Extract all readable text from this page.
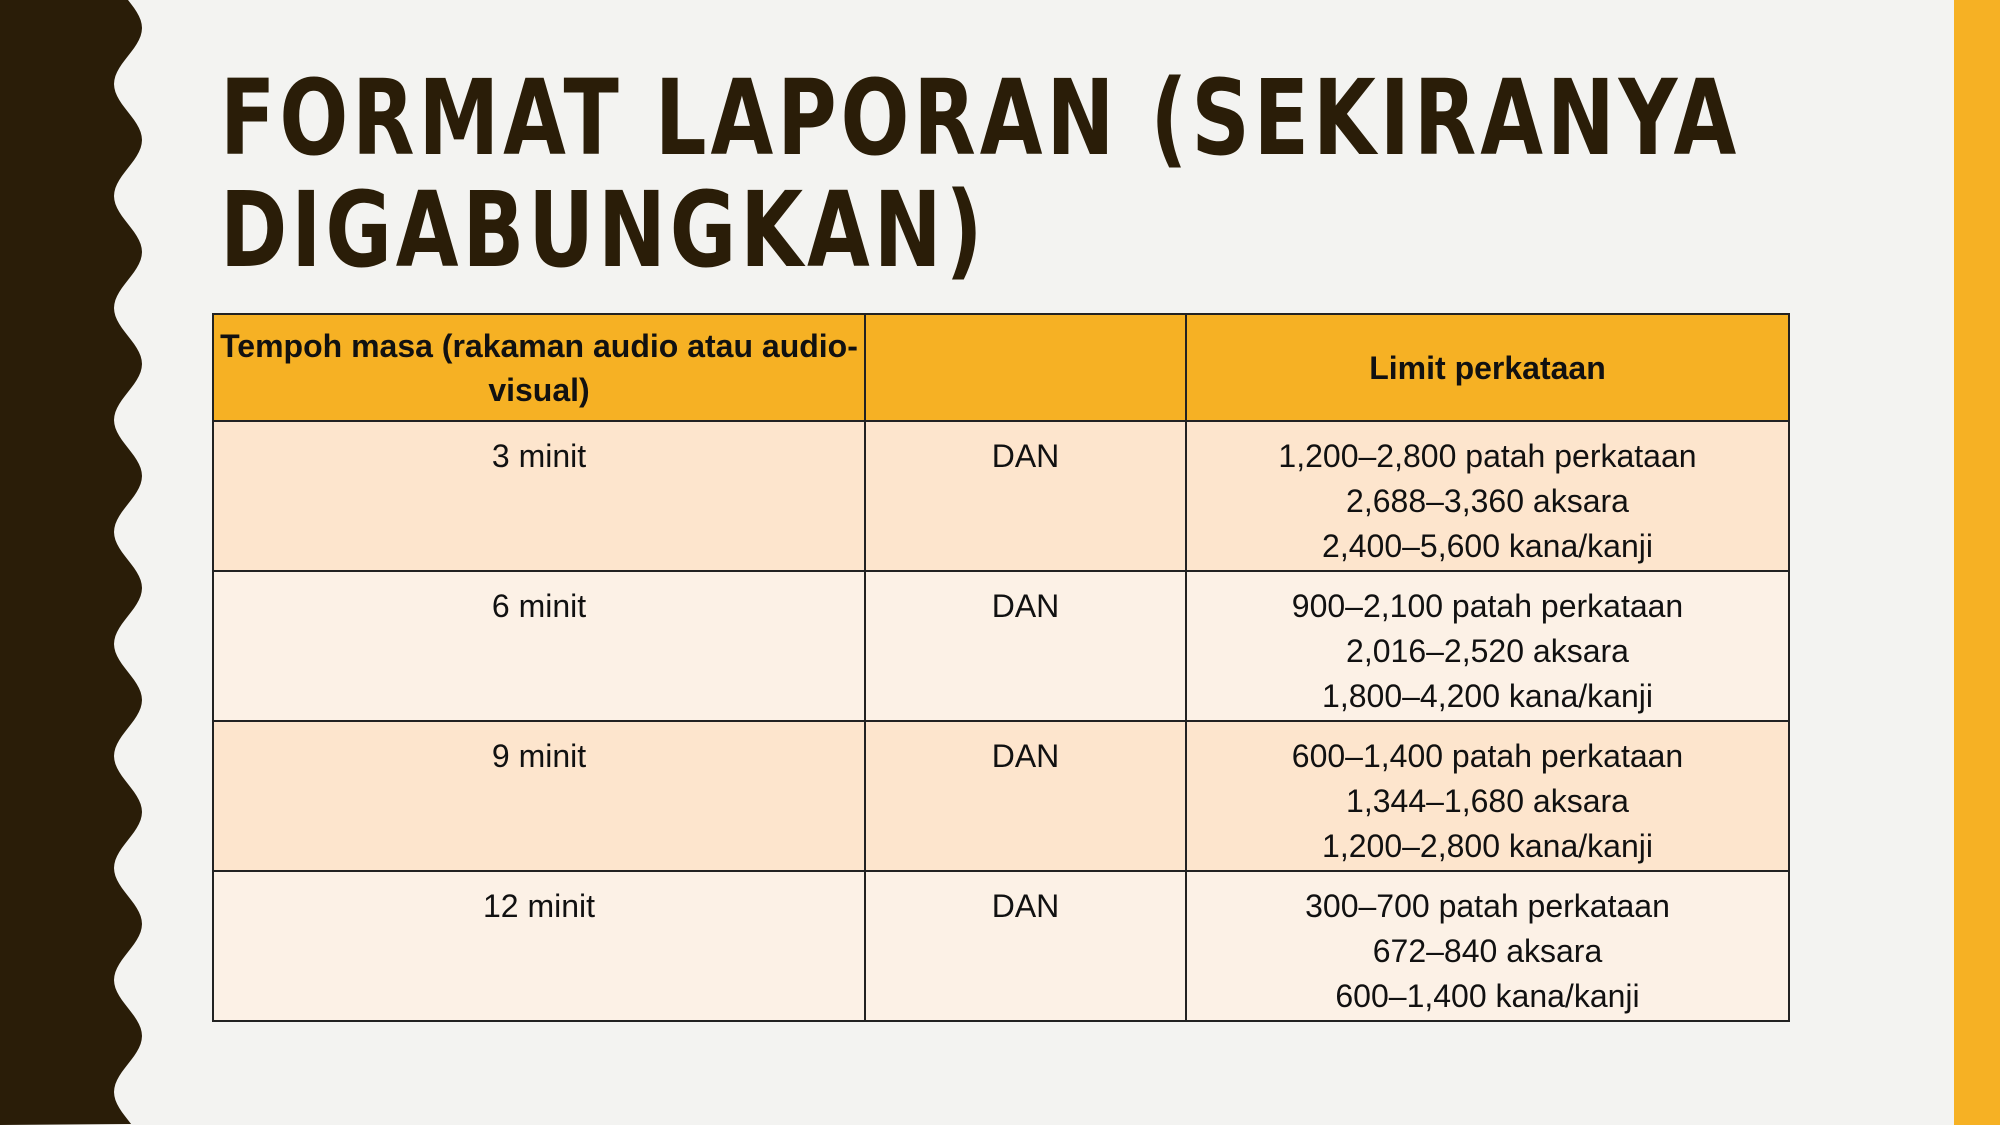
FORMAT LAPORAN (SEKIRANYA
DIGABUNGKAN)
Tempoh masa (rakaman audio atau audio-visual)		Limit perkataan
3 minit	DAN	1,200–2,800 patah perkataan
2,688–3,360 aksara
2,400–5,600 kana/kanji

6 minit	DAN	900–2,100 patah perkataan
2,016–2,520 aksara
1,800–4,200 kana/kanji

9 minit	DAN	600–1,400 patah perkataan
1,344–1,680 aksara
1,200–2,800 kana/kanji

12 minit	DAN	300–700 patah perkataan
672–840 aksara
600–1,400 kana/kanji
